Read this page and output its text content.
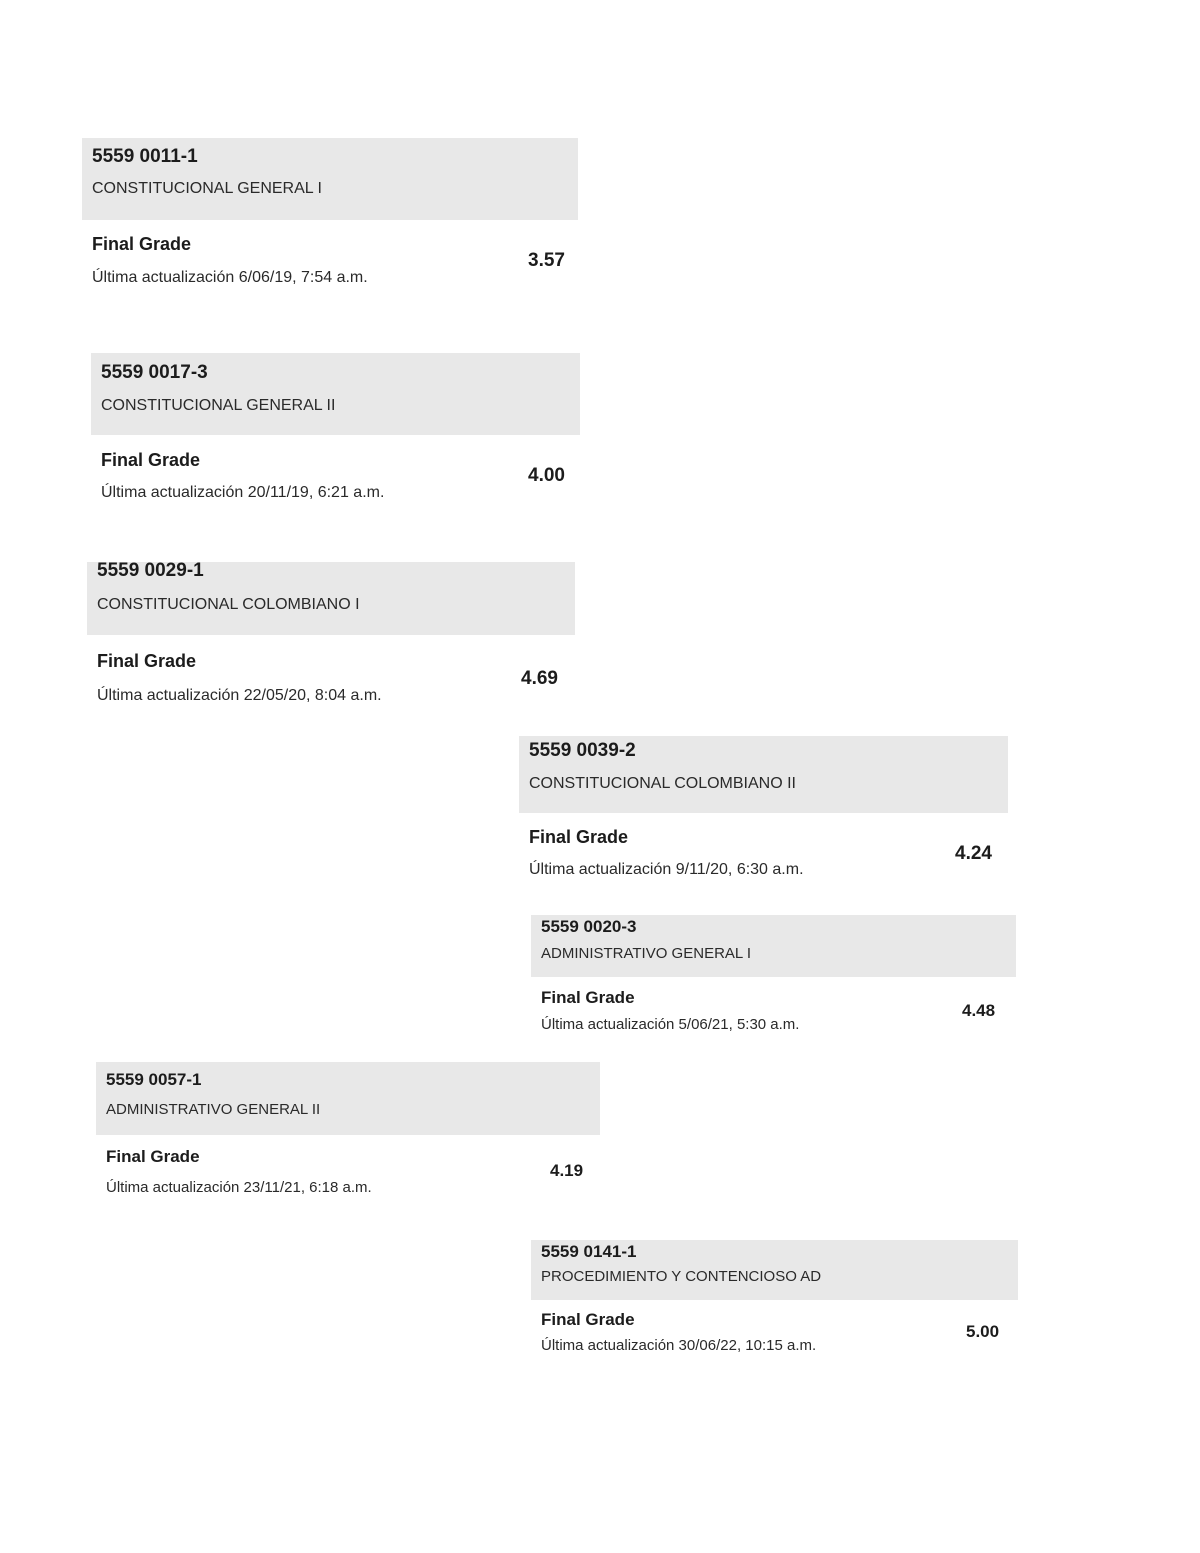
5559 0011-1
CONSTITUCIONAL GENERAL I
Final Grade
Última actualización 6/06/19, 7:54 a.m.
3.57
5559 0017-3
CONSTITUCIONAL GENERAL II
Final Grade
Última actualización 20/11/19, 6:21 a.m.
4.00
5559 0029-1
CONSTITUCIONAL COLOMBIANO I
Final Grade
Última actualización 22/05/20, 8:04 a.m.
4.69
5559 0039-2
CONSTITUCIONAL COLOMBIANO II
Final Grade
Última actualización 9/11/20, 6:30 a.m.
4.24
5559 0020-3
ADMINISTRATIVO GENERAL I
Final Grade
Última actualización 5/06/21, 5:30 a.m.
4.48
5559 0057-1
ADMINISTRATIVO GENERAL II
Final Grade
Última actualización 23/11/21, 6:18 a.m.
4.19
5559 0141-1
PROCEDIMIENTO Y CONTENCIOSO AD
Final Grade
Última actualización 30/06/22, 10:15 a.m.
5.00
